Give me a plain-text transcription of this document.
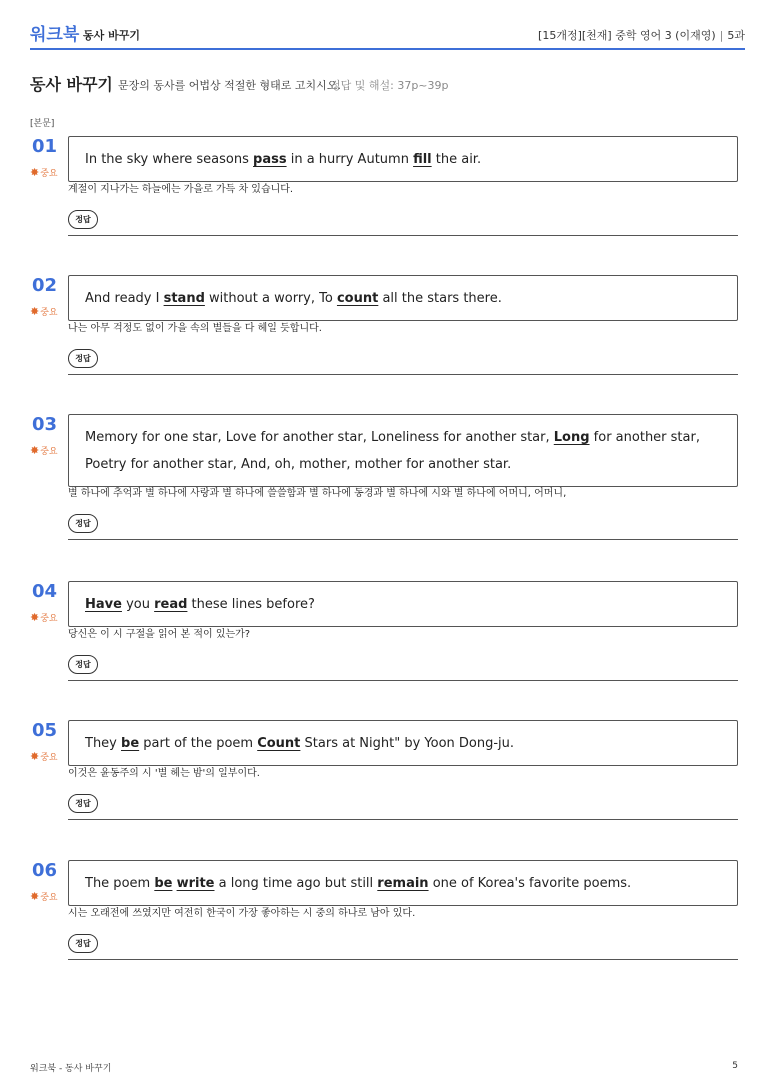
워크북 동사 바꾸기	[15개정][천재] 중학 영어 3 (이재영) | 5과
동사 바꾸기 문장의 동사를 어법상 적절한 형태로 고치시오.
정답 및 해설: 37p~39p
[본문]
01
✸중요
In the sky where seasons pass in a hurry Autumn fill the air.
계절이 지나가는 하늘에는 가을로 가득 차 있습니다.
정답
02
✸중요
And ready I stand without a worry, To count all the stars there.
나는 아무 걱정도 없이 가을 속의 별들을 다 헤일 듯합니다.
정답
03
✸중요
Memory for one star, Love for another star, Loneliness for another star, Long for another star, Poetry for another star, And, oh, mother, mother for another star.
별 하나에 추억과 별 하나에 사랑과 별 하나에 쓸쓸함과 별 하나에 동경과 별 하나에 시와 별 하나에 어머니, 어머니,
정답
04
✸중요
Have you read these lines before?
당신은 이 시 구절을 읽어 본 적이 있는가?
정답
05
✸중요
They be part of the poem Count Stars at Night" by Yoon Dong-ju.
이것은 윤동주의 시 '별 헤는 밤'의 일부이다.
정답
06
✸중요
The poem be write a long time ago but still remain one of Korea's favorite poems.
시는 오래전에 쓰였지만 여전히 한국이 가장 좋아하는 시 중의 하나로 남아 있다.
정답
워크북 - 동사 바꾸기	5
